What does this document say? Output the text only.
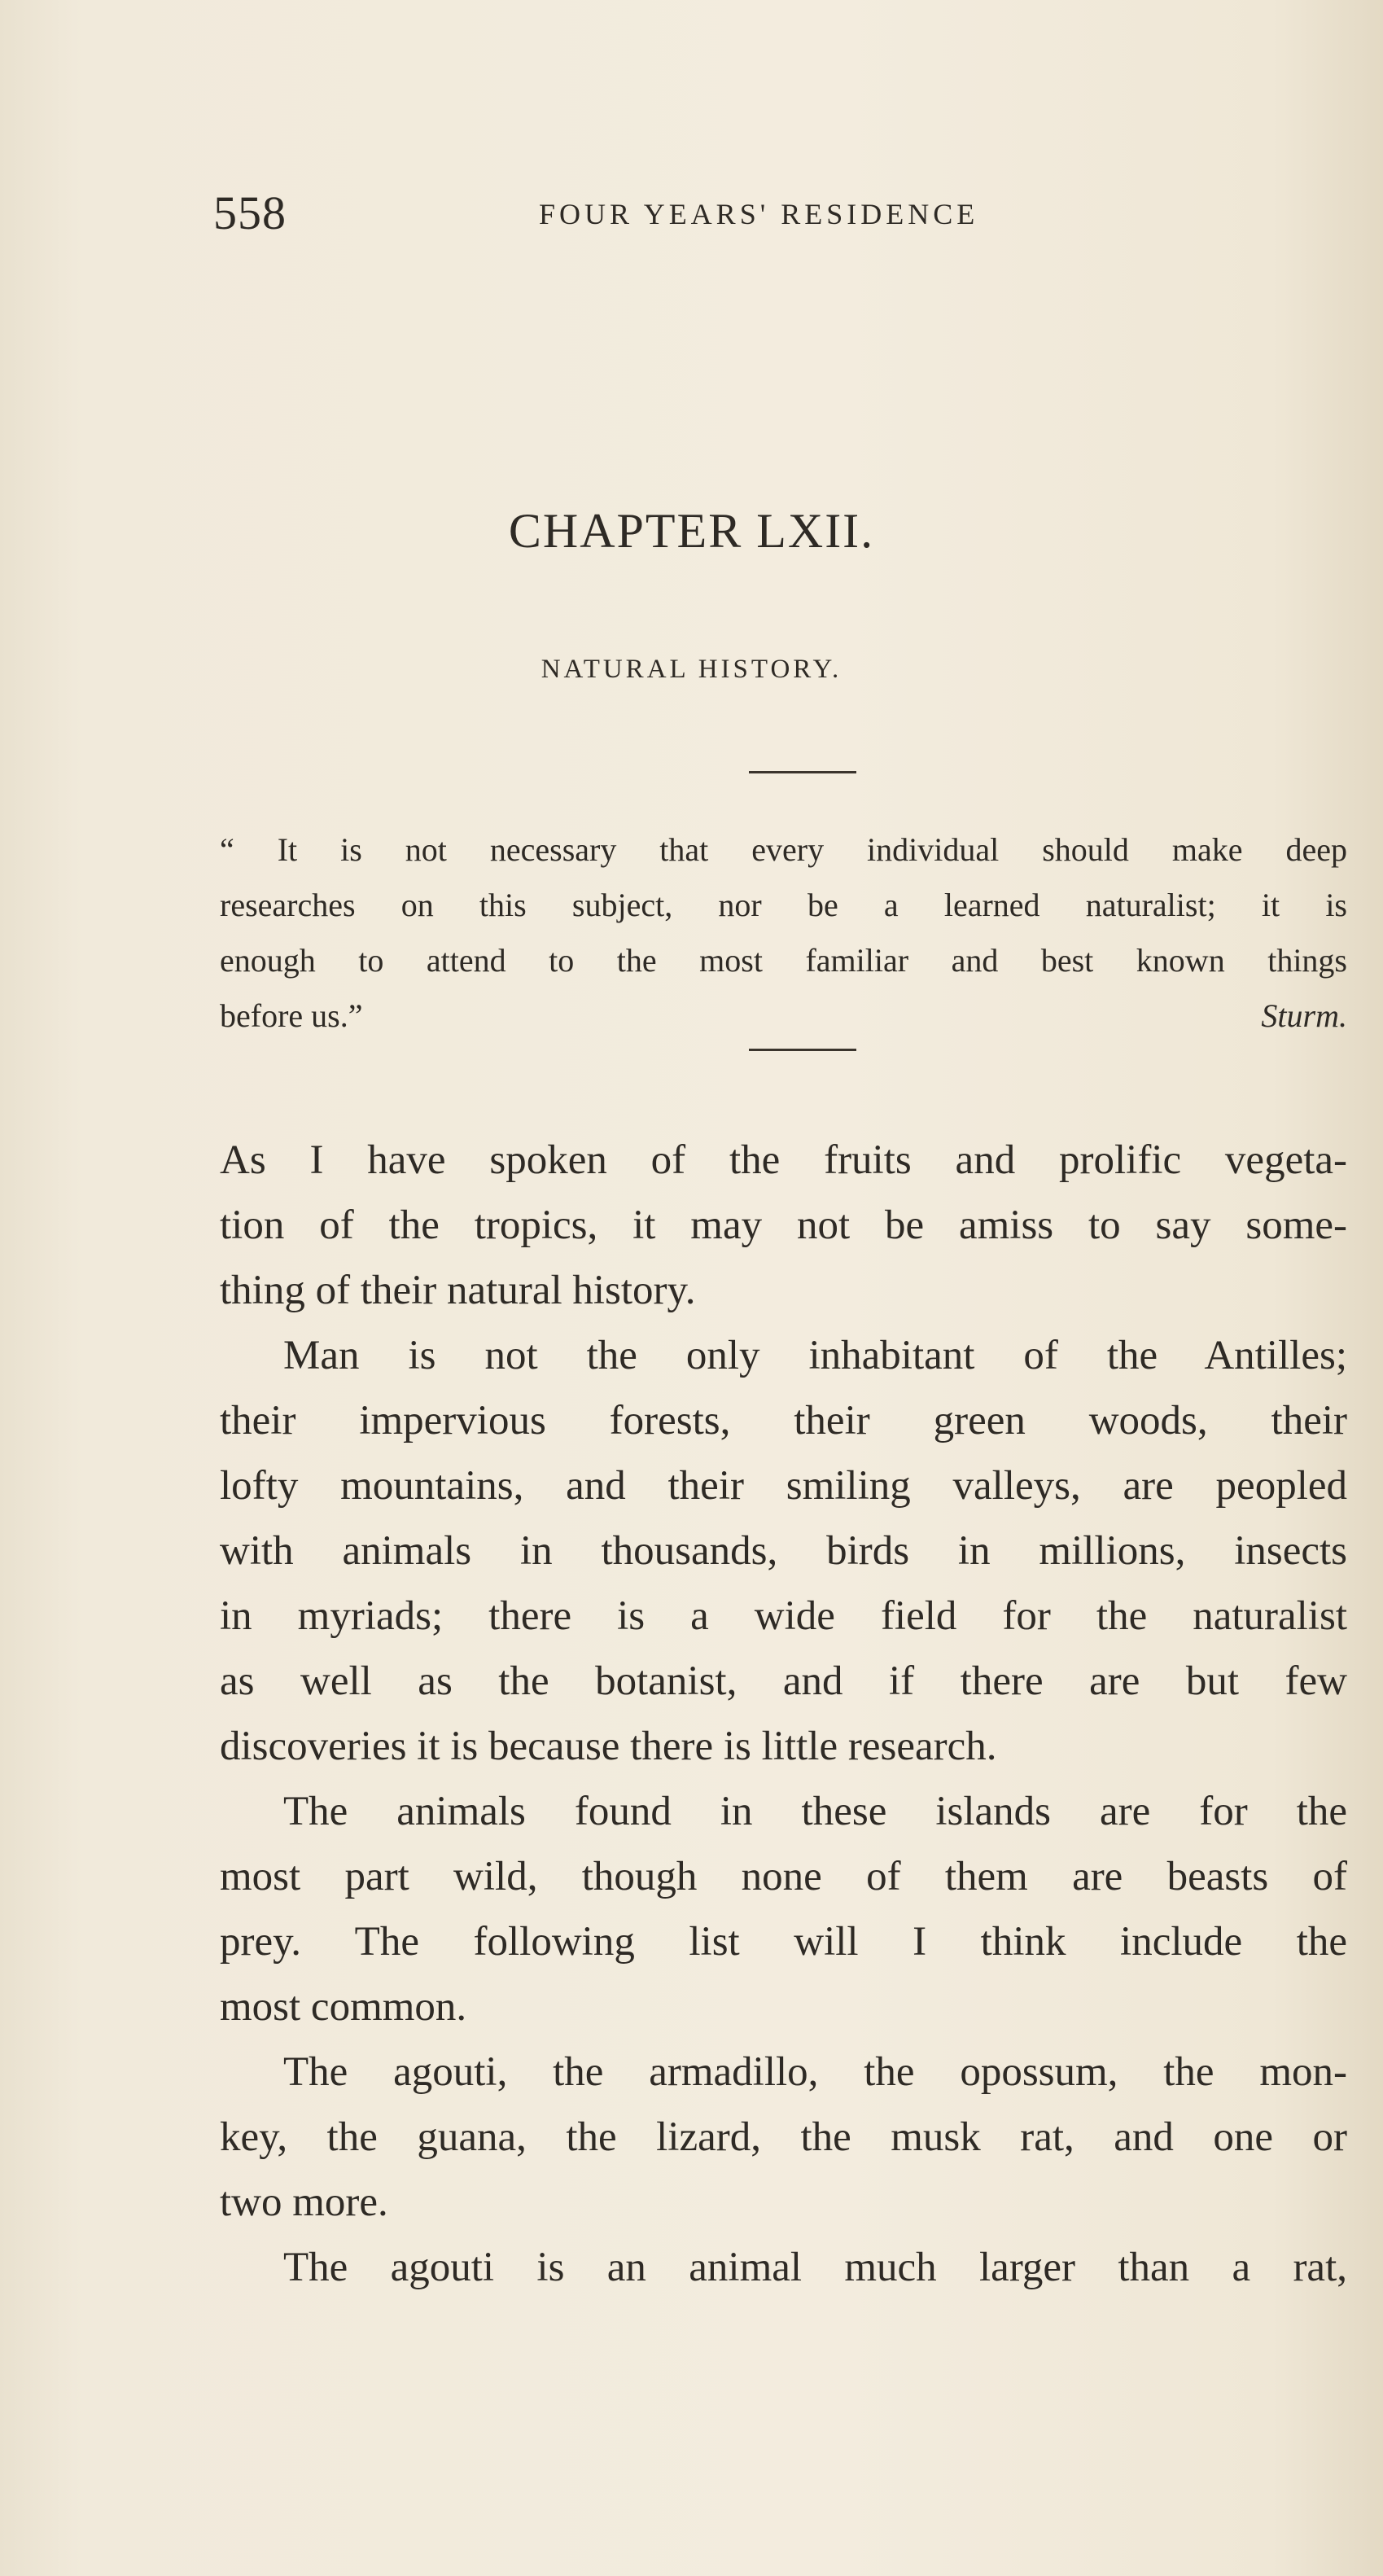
558	FOUR YEARS' RESIDENCE
CHAPTER LXII.
NATURAL HISTORY.
“ It is not necessary that every individual should make deep
researches on this subject, nor be a learned naturalist; it is
enough to attend to the most familiar and best known things
before us.”	Sturm.
As I have spoken of the fruits and prolific vegeta-
tion of the tropics, it may not be amiss to say some-
thing of their natural history.
Man is not the only inhabitant of the Antilles;
their impervious forests, their green woods, their
lofty mountains, and their smiling valleys, are peopled
with animals in thousands, birds in millions, insects
in myriads; there is a wide field for the naturalist
as well as the botanist, and if there are but few
discoveries it is because there is little research.
The animals found in these islands are for the
most part wild, though none of them are beasts of
prey. The following list will I think include the
most common.
The agouti, the armadillo, the opossum, the mon-
key, the guana, the lizard, the musk rat, and one or
two more.
The agouti is an animal much larger than a rat,
